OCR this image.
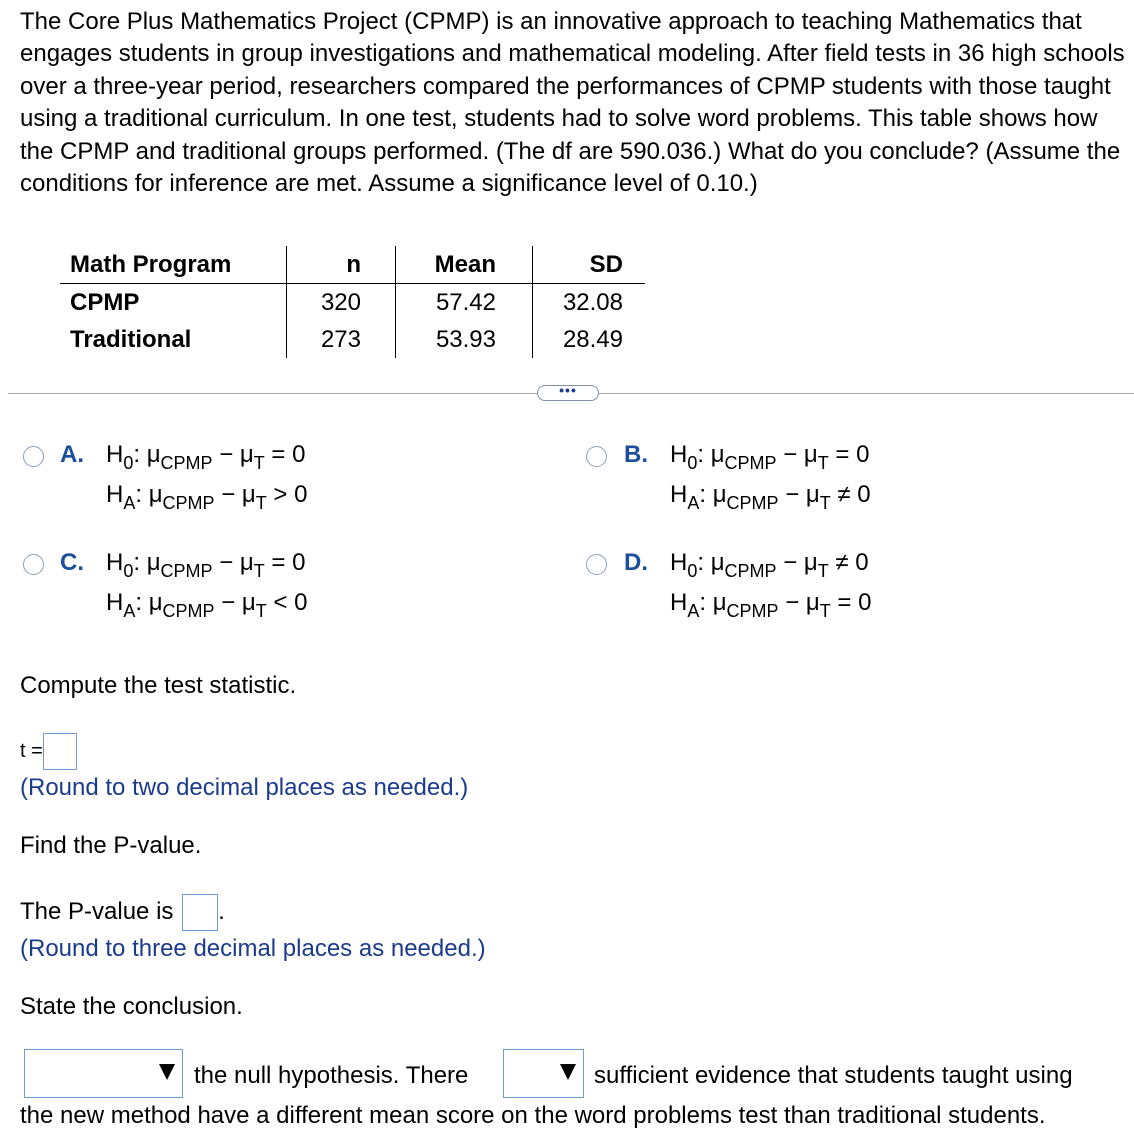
The Core Plus Mathematics Project (CPMP) is an innovative approach to teaching Mathematics that engages students in group investigations and mathematical modeling. After field tests in 36 high schools over a three-year period, researchers compared the performances of CPMP students with those taught using a traditional curriculum. In one test, students had to solve word problems. This table shows how the CPMP and traditional groups performed. (The df are 590.036.) What do you conclude? (Assume the conditions for inference are met. Assume a significance level of 0.10.)
Math Program	n	Mean	SD
CPMP	320	57.42	32.08
Traditional	273	53.93	28.49
•••
A. $H_0$: $\mu_{CPMP} - \mu_T = 0$
$H_A$: $\mu_{CPMP} - \mu_T > 0$
B. $H_0$: $\mu_{CPMP} - \mu_T = 0$
$H_A$: $\mu_{CPMP} - \mu_T \ne 0$
C. $H_0$: $\mu_{CPMP} - \mu_T = 0$
$H_A$: $\mu_{CPMP} - \mu_T < 0$
D. $H_0$: $\mu_{CPMP} - \mu_T \ne 0$
$H_A$: $\mu_{CPMP} - \mu_T = 0$
Compute the test statistic.
t =
(Round to two decimal places as needed.)
Find the P-value.
The P-value is .
(Round to three decimal places as needed.)
State the conclusion.
the null hypothesis. There	sufficient evidence that students taught using
the new method have a different mean score on the word problems test than traditional students.
